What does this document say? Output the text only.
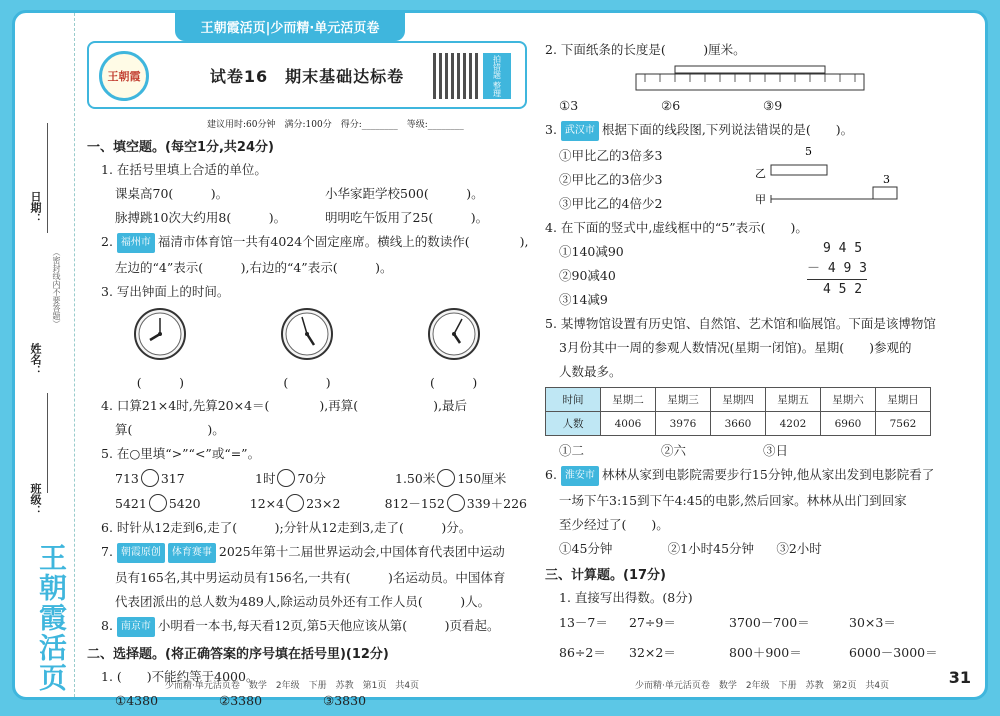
王朝霞活页|少而精·单元活页卷
日期：
（密封线内不要答题）
姓名：
班级：
王朝霞活页
王朝霞	试卷16　期末基础达标卷	拍错题 整理
建议用时:60分钟　满分:100分　得分:________　等级:________
一、填空题。(每空1分,共24分)
1. 在括号里填上合适的单位。
课桌高70(　　　)。	小华家距学校500(　　　)。
脉搏跳10次大约用8(　　　)。	明明吃午饭用了25(　　　)。
2. 福州市 福清市体育馆一共有4024个固定座席。横线上的数读作(　　　　),
左边的“4”表示(　　　),右边的“4”表示(　　　)。
3. 写出钟面上的时间。
(　　　)	(　　　)	(　　　)
4. 口算21×4时,先算20×4＝(　　　　),再算(　　　　　　),最后
算(　　　　　　)。
5. 在○里填“>”“<”或“=”。
713 317	1时 70分	1.50米 150厘米
5421 5420	12×4 23×2	812－152 339＋226
6. 时针从12走到6,走了(　　　);分针从12走到3,走了(　　　)分。
7. 朝霞原创 体育赛事 2025年第十二届世界运动会,中国体育代表团中运动
员有165名,其中男运动员有156名,一共有(　　　)名运动员。中国体育
代表团派出的总人数为489人,除运动员外还有工作人员(　　　)人。
8. 南京市 小明看一本书,每天看12页,第5天他应该从第(　　　)页看起。
二、选择题。(将正确答案的序号填在括号里)(12分)
1. (　　)不能约等于4000。
①4380	②3380	③3830
少而精·单元活页卷　数学　2年级　下册　苏教　第1页　共4页
2. 下面纸条的长度是(　　　)厘米。
①3	②6	③9
3. 武汉市 根据下面的线段图,下列说法错误的是(　　)。
①甲比乙的3倍多3
②甲比乙的3倍少3
③甲比乙的4倍少2
5
乙	3
甲
4. 在下面的竖式中,虚线框中的“5”表示(　　)。
①140减90
②90减40
③14减9
9 4 5
－ 4 9 3
4 5 2
5. 某博物馆设置有历史馆、自然馆、艺术馆和临展馆。下面是该博物馆
3月份其中一周的参观人数情况(星期一闭馆)。星期(　　)参观的
人数最多。
时间	星期二	星期三	星期四	星期五	星期六	星期日
人数	4006	3976	3660	4202	6960	7562
①二	②六	③日
6. 淮安市 林林从家到电影院需要步行15分钟,他从家出发到电影院看了
一场下午3:15到下午4:45的电影,然后回家。林林从出门到回家
至少经过了(　　)。
①45分钟	②1小时45分钟	③2小时
三、计算题。(17分)
1. 直接写出得数。(8分)
13－7＝	27÷9＝	3700－700＝	30×3＝
86÷2＝	32×2＝	800＋900＝	6000－3000＝
少而精·单元活页卷　数学　2年级　下册　苏教　第2页　共4页	31
